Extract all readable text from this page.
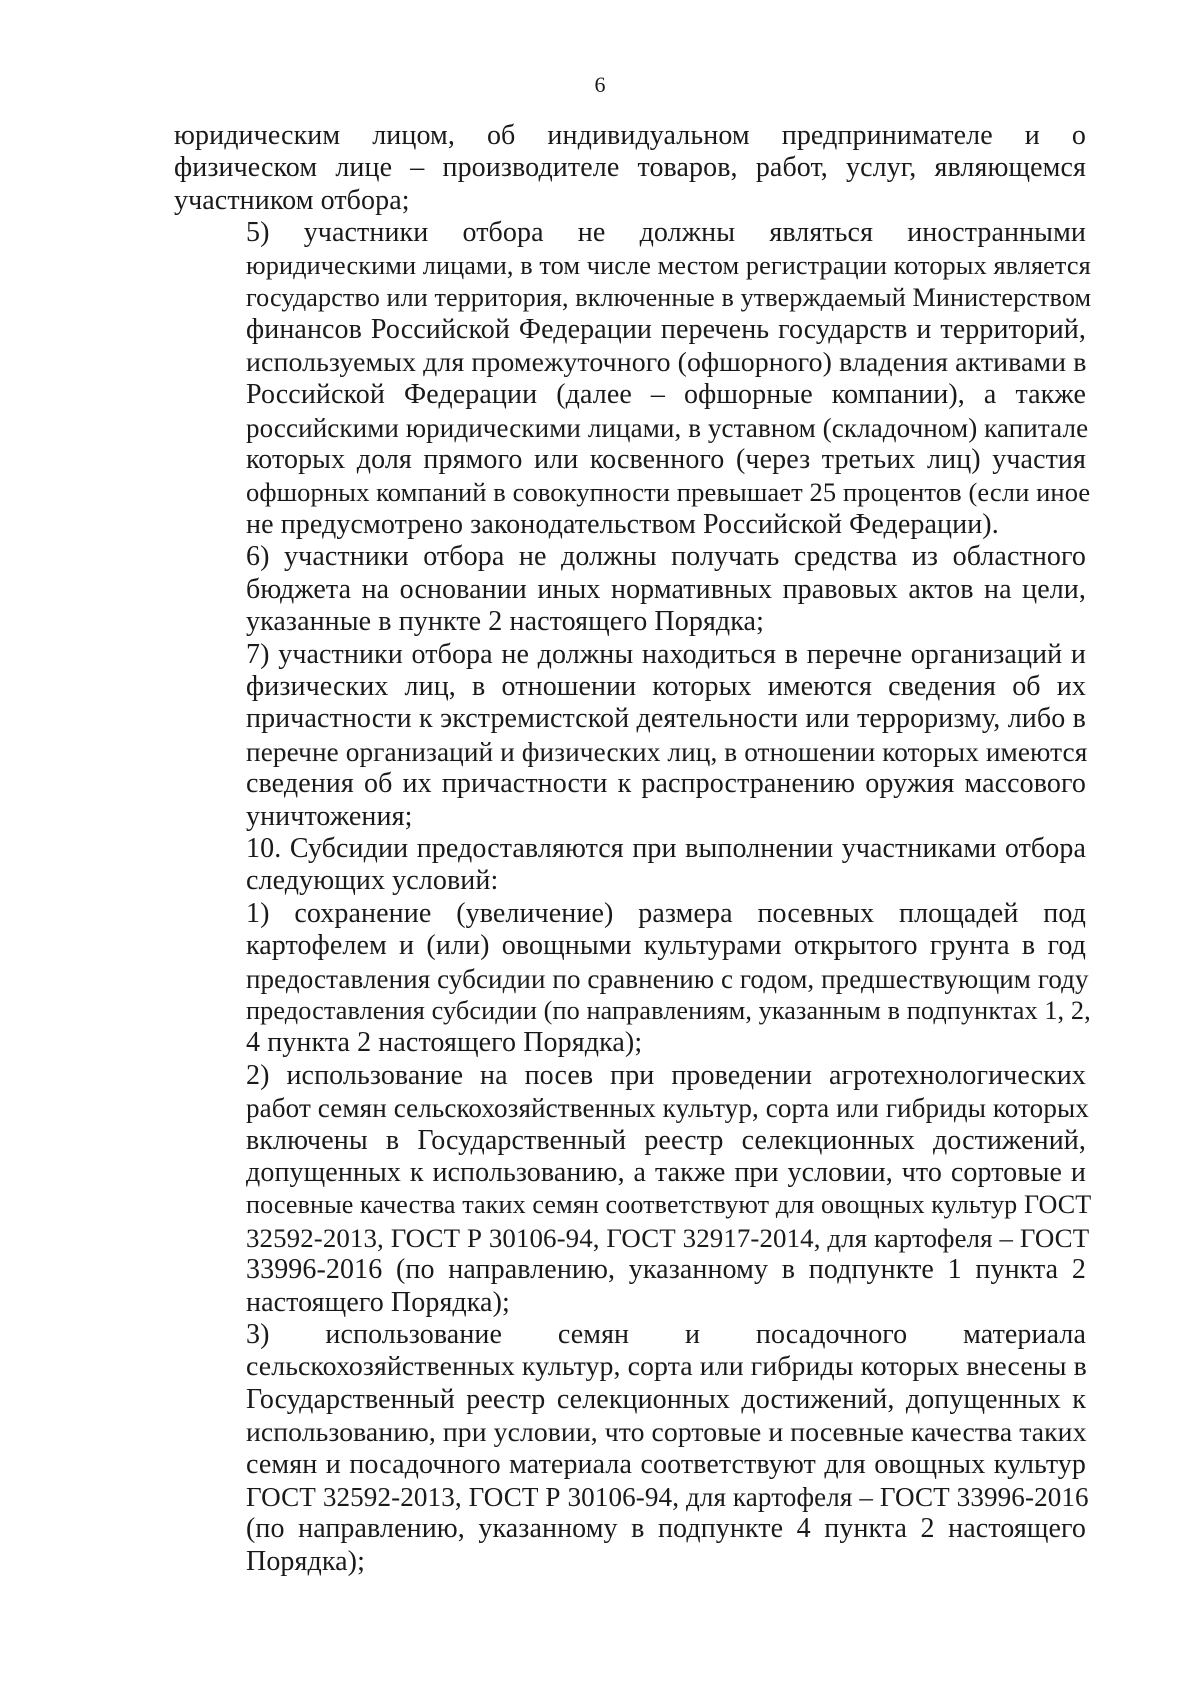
6

юридическим лицом, об индивидуальном предпринимателе и о
физическом лице – производителе товаров, работ, услуг, являющемся
участником отбора;

5) участники отбора не должны являться иностранными
юридическими лицами, в том числе местом регистрации которых является
государство или территория, включенные в утверждаемый Министерством
финансов Российской Федерации перечень государств и территорий,
используемых для промежуточного (офшорного) владения активами в
Российской Федерации (далее – офшорные компании), а также
российскими юридическими лицами, в уставном (складочном) капитале
которых доля прямого или косвенного (через третьих лиц) участия
офшорных компаний в совокупности превышает 25 процентов (если иное
не предусмотрено законодательством Российской Федерации).

6) участники отбора не должны получать средства из областного
бюджета на основании иных нормативных правовых актов на цели,
указанные в пункте 2 настоящего Порядка;

7) участники отбора не должны находиться в перечне организаций и
физических лиц, в отношении которых имеются сведения об их
причастности к экстремистской деятельности или терроризму, либо в
перечне организаций и физических лиц, в отношении которых имеются
сведения об их причастности к распространению оружия массового
уничтожения;

10. Субсидии предоставляются при выполнении участниками отбора
следующих условий:

1) сохранение (увеличение) размера посевных площадей под
картофелем и (или) овощными культурами открытого грунта в год
предоставления субсидии по сравнению с годом, предшествующим году
предоставления субсидии (по направлениям, указанным в подпунктах 1, 2,
4 пункта 2 настоящего Порядка);

2) использование на посев при проведении агротехнологических
работ семян сельскохозяйственных культур, сорта или гибриды которых
включены в Государственный реестр селекционных достижений,
допущенных к использованию, а также при условии, что сортовые и
посевные качества таких семян соответствуют для овощных культур ГОСТ
32592-2013, ГОСТ Р 30106-94, ГОСТ 32917-2014, для картофеля – ГОСТ
33996-2016 (по направлению, указанному в подпункте 1 пункта 2
настоящего Порядка);

3) использование семян и посадочного материала
сельскохозяйственных культур, сорта или гибриды которых внесены в
Государственный реестр селекционных достижений, допущенных к
использованию, при условии, что сортовые и посевные качества таких
семян и посадочного материала соответствуют для овощных культур
ГОСТ 32592-2013, ГОСТ Р 30106-94, для картофеля – ГОСТ 33996-2016
(по направлению, указанному в подпункте 4 пункта 2 настоящего
Порядка);
